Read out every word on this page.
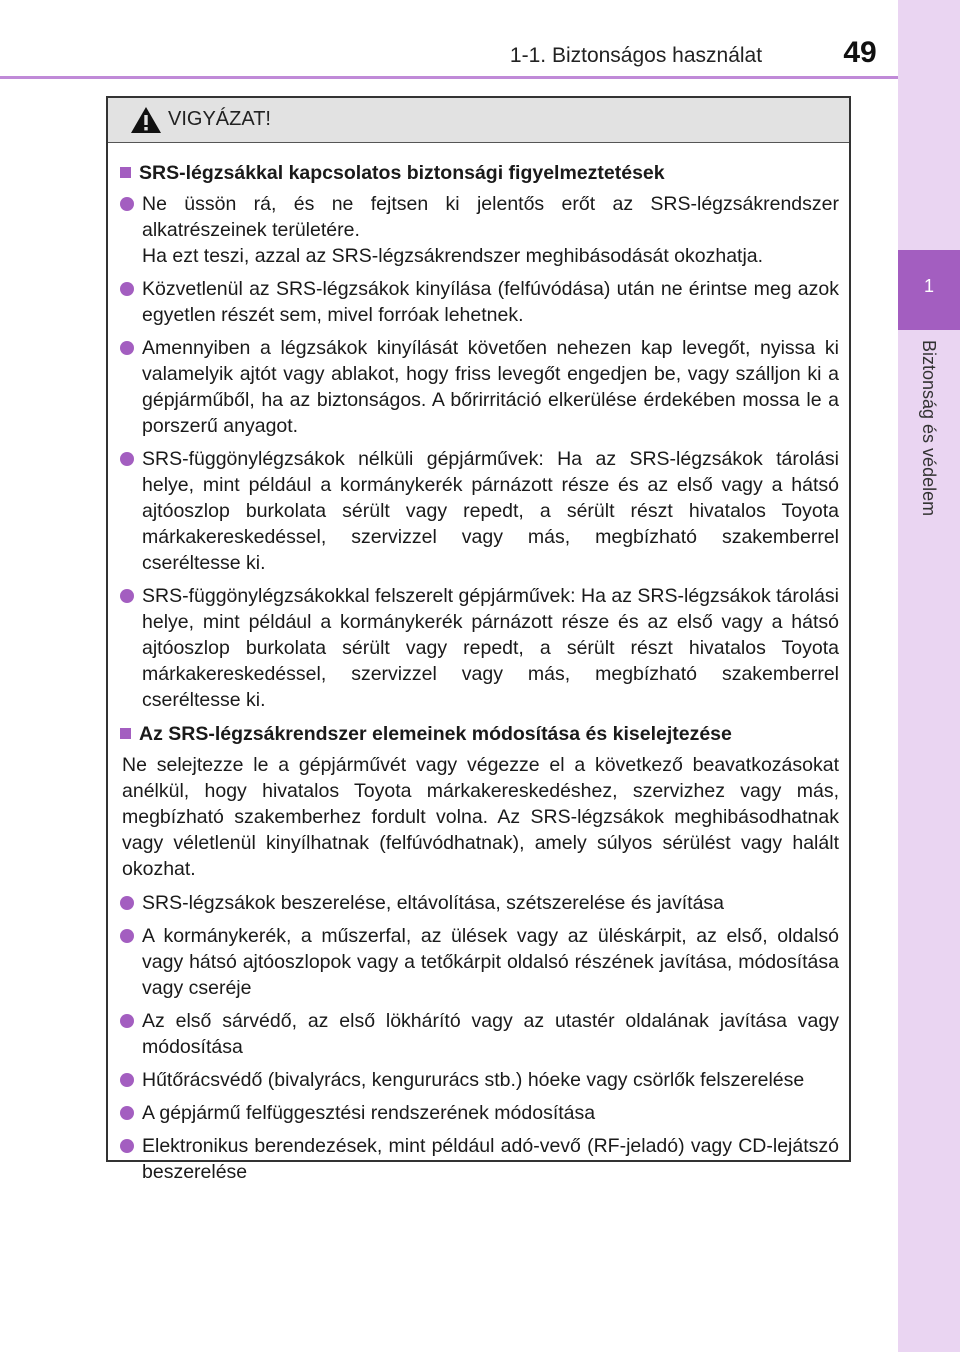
1-1. Biztonságos használat	49
1
Biztonság és védelem
VIGYÁZAT!
SRS-légzsákkal kapcsolatos biztonsági figyelmeztetések

Ne üssön rá, és ne fejtsen ki jelentős erőt az SRS-légzsákrendszer alkatrészeinek területére.

Ha ezt teszi, azzal az SRS-légzsákrendszer meghibásodását okozhatja.

Közvetlenül az SRS-légzsákok kinyílása (felfúvódása) után ne érintse meg azok egyetlen részét sem, mivel forróak lehetnek.

Amennyiben a légzsákok kinyílását követően nehezen kap levegőt, nyissa ki valamelyik ajtót vagy ablakot, hogy friss levegőt engedjen be, vagy szálljon ki a gépjárműből, ha az biztonságos. A bőrirritáció elkerülése érdekében mossa le a porszerű anyagot.

SRS-függönylégzsákok nélküli gépjárművek: Ha az SRS-légzsákok tárolási helye, mint például a kormánykerék párnázott része és az első vagy a hátsó ajtóoszlop burkolata sérült vagy repedt, a sérült részt hivatalos Toyota márkakereskedéssel, szervizzel vagy más, megbízható szakemberrel cseréltesse ki.

SRS-függönylégzsákokkal felszerelt gépjárművek: Ha az SRS-légzsákok tárolási helye, mint például a kormánykerék párnázott része és az első vagy a hátsó ajtóoszlop burkolata sérült vagy repedt, a sérült részt hivatalos Toyota márkakereskedéssel, szervizzel vagy más, megbízható szakemberrel cseréltesse ki.

Az SRS-légzsákrendszer elemeinek módosítása és kiselejtezése
Ne selejtezze le a gépjárművét vagy végezze el a következő beavatkozásokat anélkül, hogy hivatalos Toyota márkakereskedéshez, szervizhez vagy más, megbízható szakemberhez fordult volna. Az SRS-légzsákok meghibásodhatnak vagy véletlenül kinyílhatnak (felfúvódhatnak), amely súlyos sérülést vagy halált okozhat.

SRS-légzsákok beszerelése, eltávolítása, szétszerelése és javítása

A kormánykerék, a műszerfal, az ülések vagy az üléskárpit, az első, oldalsó vagy hátsó ajtóoszlopok vagy a tetőkárpit oldalsó részének javítása, módosítása vagy cseréje

Az első sárvédő, az első lökhárító vagy az utastér oldalának javítása vagy módosítása

Hűtőrácsvédő (bivalyrács, kengururács stb.) hóeke vagy csörlők felszerelése

A gépjármű felfüggesztési rendszerének módosítása

Elektronikus berendezések, mint például adó-vevő (RF-jeladó) vagy CD-lejátszó beszerelése
